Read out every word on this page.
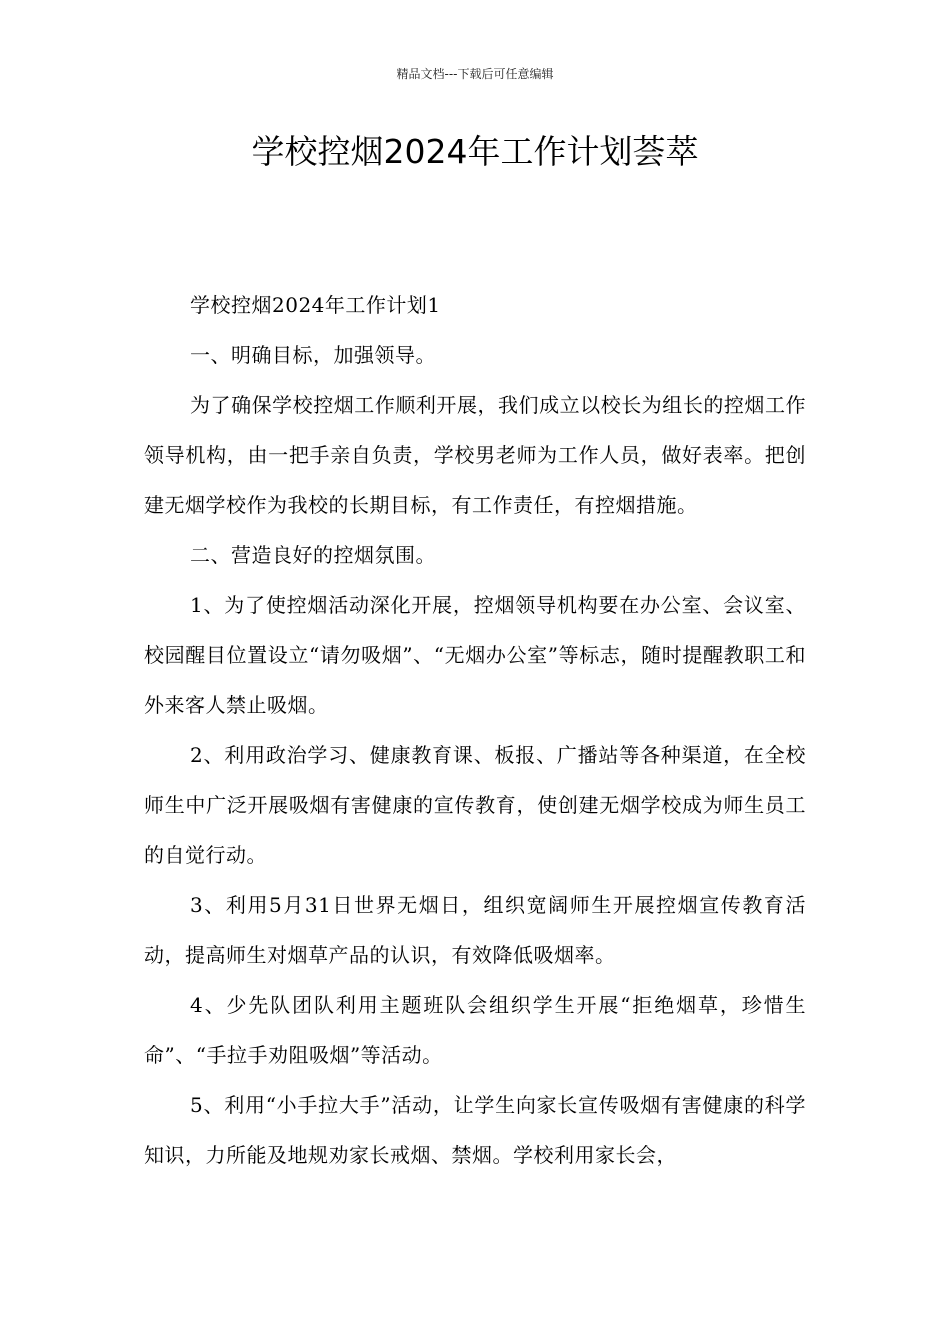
精品文档---下载后可任意编辑
学校控烟2024年工作计划荟萃

学校控烟2024年工作计划1

一、明确目标，加强领导。

为了确保学校控烟工作顺利开展，我们成立以校长为组长的控烟工作领导机构，由一把手亲自负责，学校男老师为工作人员，做好表率。把创建无烟学校作为我校的长期目标，有工作责任，有控烟措施。

二、营造良好的控烟氛围。

1、为了使控烟活动深化开展，控烟领导机构要在办公室、会议室、校园醒目位置设立“请勿吸烟”、“无烟办公室”等标志，随时提醒教职工和外来客人禁止吸烟。

2、利用政治学习、健康教育课、板报、广播站等各种渠道，在全校师生中广泛开展吸烟有害健康的宣传教育，使创建无烟学校成为师生员工的自觉行动。

3、利用5月31日世界无烟日，组织宽阔师生开展控烟宣传教育活动，提高师生对烟草产品的认识，有效降低吸烟率。

4、少先队团队利用主题班队会组织学生开展“拒绝烟草，珍惜生命”、“手拉手劝阻吸烟”等活动。

5、利用“小手拉大手”活动，让学生向家长宣传吸烟有害健康的科学知识，力所能及地规劝家长戒烟、禁烟。学校利用家长会，
